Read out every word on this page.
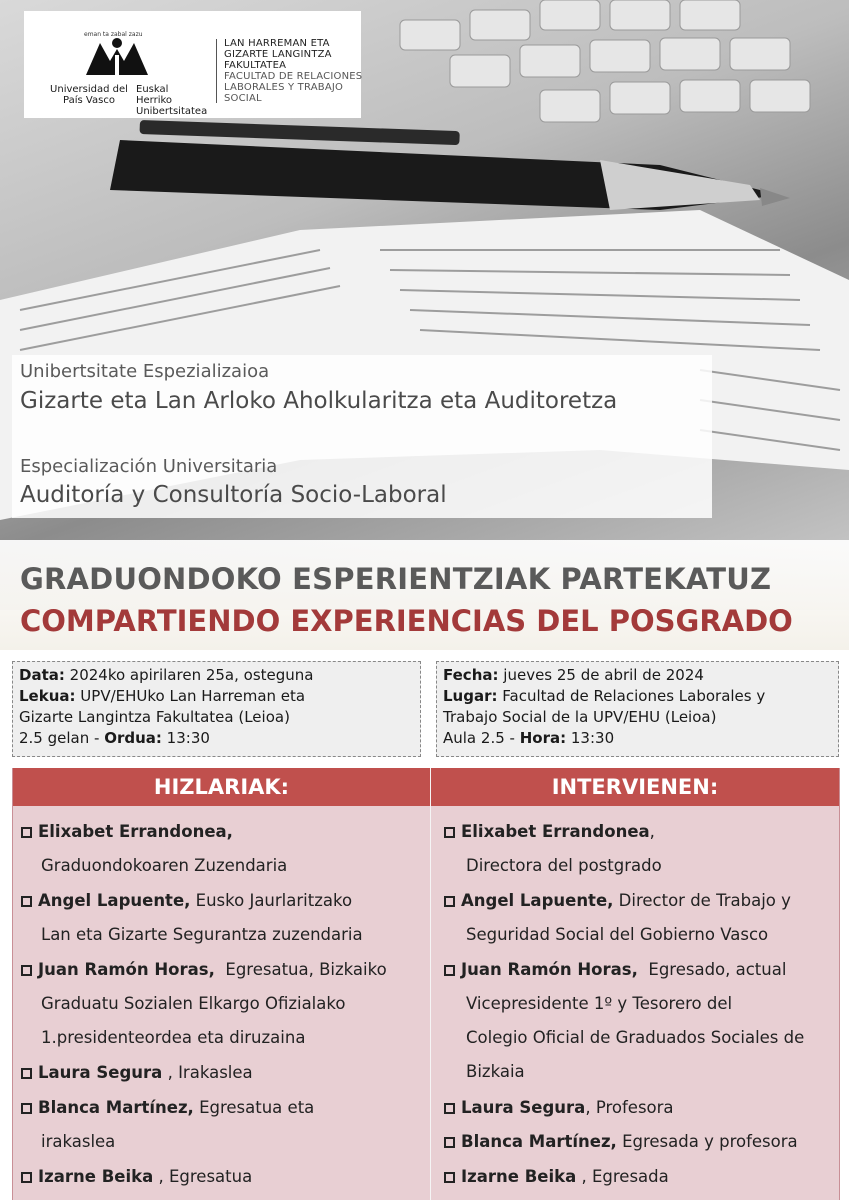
eman ta zabal zazu
Universidad del País Vasco
Euskal Herriko Unibertsitatea
LAN HARREMAN ETA GIZARTE LANGINTZA FAKULTATEA
FACULTAD DE RELACIONES LABORALES Y TRABAJO SOCIAL
Unibertsitate Espezializaioa
Gizarte eta Lan Arloko Aholkularitza eta Auditoretza
Especialización Universitaria
Auditoría y Consultoría Socio-Laboral
GRADUONDOKO ESPERIENTZIAK PARTEKATUZ
COMPARTIENDO EXPERIENCIAS DEL POSGRADO
Data: 2024ko apirilaren 25a, osteguna
Lekua: UPV/EHUko Lan Harreman eta
Gizarte Langintza Fakultatea (Leioa)
2.5 gelan - Ordua: 13:30
Fecha: jueves 25 de abril de 2024
Lugar: Facultad de Relaciones Laborales y
Trabajo Social de la UPV/EHU (Leioa)
Aula 2.5 - Hora: 13:30
HIZLARIAK:	INTERVIENEN:
Elixabet Errandonea,
Graduondokoaren Zuzendaria
Angel Lapuente, Eusko Jaurlaritzako
Lan eta Gizarte Segurantza zuzendaria
Juan Ramón Horas, Egresatua, Bizkaiko
Graduatu Sozialen Elkargo Ofizialako
1.presidenteordea eta diruzaina
Laura Segura , Irakaslea
Blanca Martínez, Egresatua eta
irakaslea
Izarne Beika , Egresatua
Elixabet Errandonea,
Directora del postgrado
Angel Lapuente, Director de Trabajo y
Seguridad Social del Gobierno Vasco
Juan Ramón Horas, Egresado, actual
Vicepresidente 1º y Tesorero del
Colegio Oficial de Graduados Sociales de
Bizkaia
Laura Segura, Profesora
Blanca Martínez, Egresada y profesora
Izarne Beika , Egresada
